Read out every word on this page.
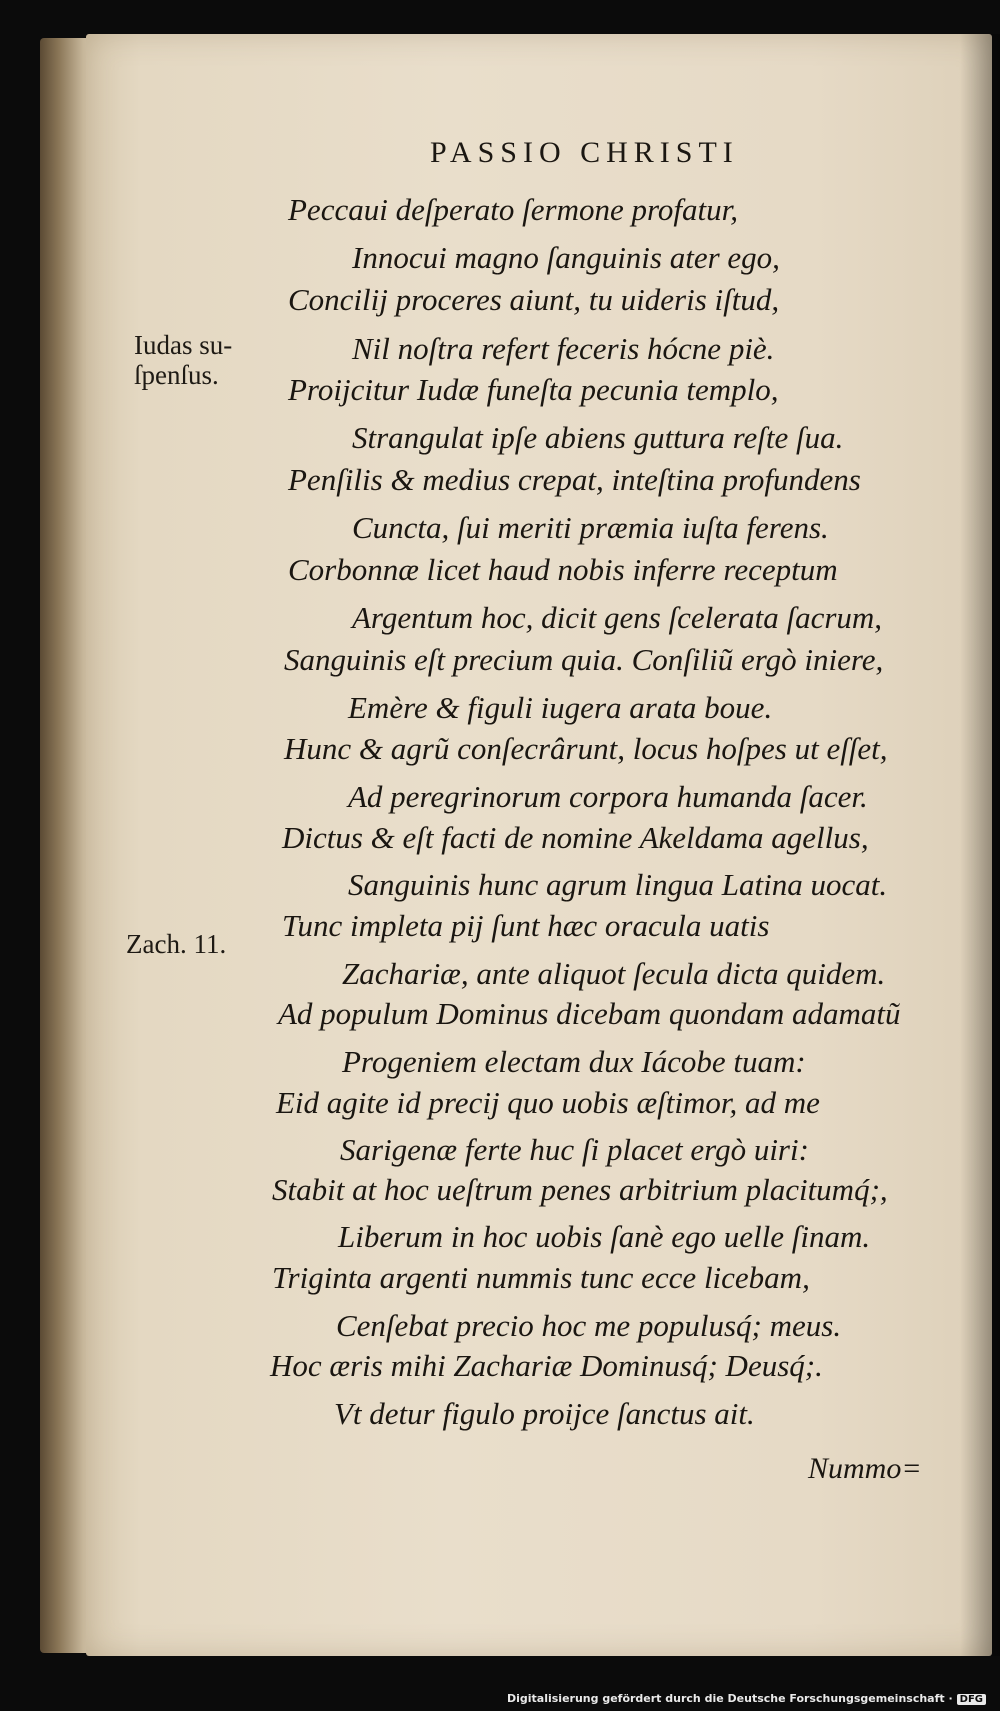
PASSIO CHRISTI
Iudas su-
ſpenſus.
Zach. 11.
Peccaui deſperato ſermone profatur,
Innocui magno ſanguinis ater ego,
Concilij proceres aiunt, tu uideris iſtud,
Nil noſtra refert feceris hócne piè.
Proijcitur Iudæ funeſta pecunia templo,
Strangulat ipſe abiens guttura reſte ſua.
Penſilis & medius crepat, inteſtina profundens
Cuncta, ſui meriti præmia iuſta ferens.
Corbonnæ licet haud nobis inferre receptum
Argentum hoc, dicit gens ſcelerata ſacrum,
Sanguinis eſt precium quia. Conſiliũ ergò iniere,
Emère & figuli iugera arata boue.
Hunc & agrũ conſecrârunt, locus hoſpes ut eſſet,
Ad peregrinorum corpora humanda ſacer.
Dictus & eſt facti de nomine Akeldama agellus,
Sanguinis hunc agrum lingua Latina uocat.
Tunc impleta pij ſunt hæc oracula uatis
Zachariæ, ante aliquot ſecula dicta quidem.
Ad populum Dominus dicebam quondam adamatũ
Progeniem electam dux Iácobe tuam:
Eid agite id precij quo uobis æſtimor, ad me
Sarigenæ ferte huc ſi placet ergò uiri:
Stabit at hoc ueſtrum penes arbitrium placitumq́;,
Liberum in hoc uobis ſanè ego uelle ſinam.
Triginta argenti nummis tunc ecce licebam,
Cenſebat precio hoc me populusq́; meus.
Hoc æris mihi Zachariæ Dominusq́; Deusq́;.
Vt detur figulo proijce ſanctus ait.
Nummo=
Digitalisierung gefördert durch die Deutsche Forschungsgemeinschaft · DFG
